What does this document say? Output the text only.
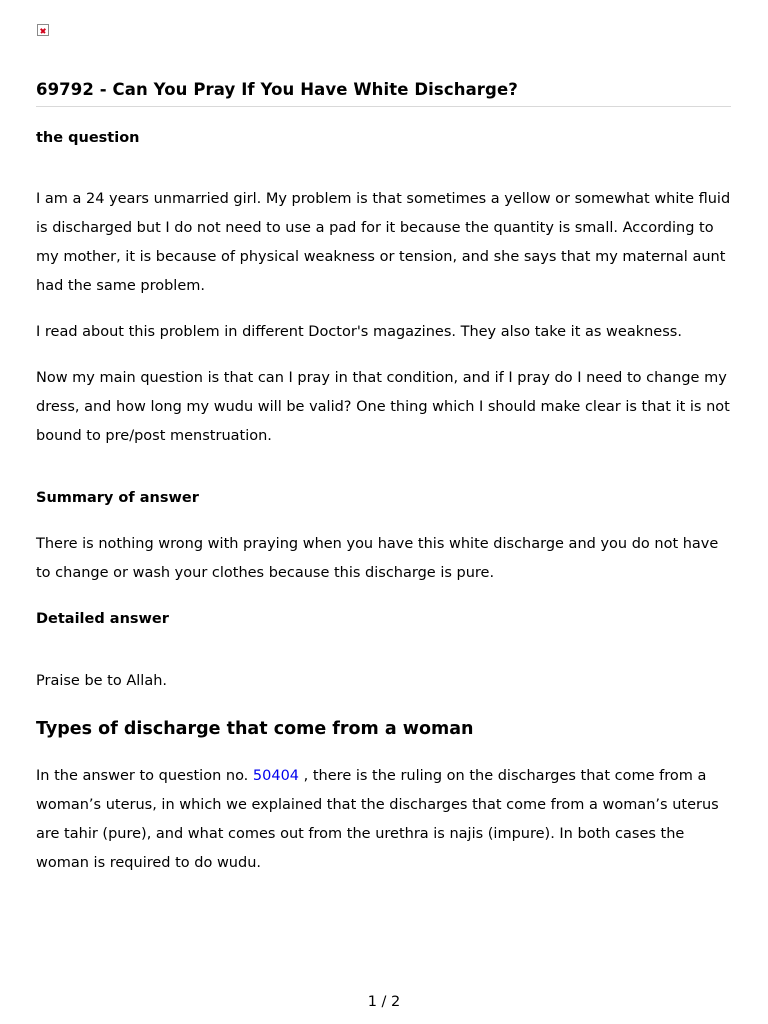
69792 - Can You Pray If You Have White Discharge?
the question

I am a 24 years unmarried girl. My problem is that sometimes a yellow or somewhat white fluid is discharged but I do not need to use a pad for it because the quantity is small. According to my mother, it is because of physical weakness or tension, and she says that my maternal aunt had the same problem.

I read about this problem in different Doctor's magazines. They also take it as weakness.

Now my main question is that can I pray in that condition, and if I pray do I need to change my dress, and how long my wudu will be valid? One thing which I should make clear is that it is not bound to pre/post menstruation.

Summary of answer

There is nothing wrong with praying when you have this white discharge and you do not have to change or wash your clothes because this discharge is pure.

Detailed answer

Praise be to Allah.

Types of discharge that come from a woman

In the answer to question no. 50404 , there is the ruling on the discharges that come from a woman’s uterus, in which we explained that the discharges that come from a woman’s uterus are tahir (pure), and what comes out from the urethra is najis (impure). In both cases the woman is required to do wudu.

1 / 2
